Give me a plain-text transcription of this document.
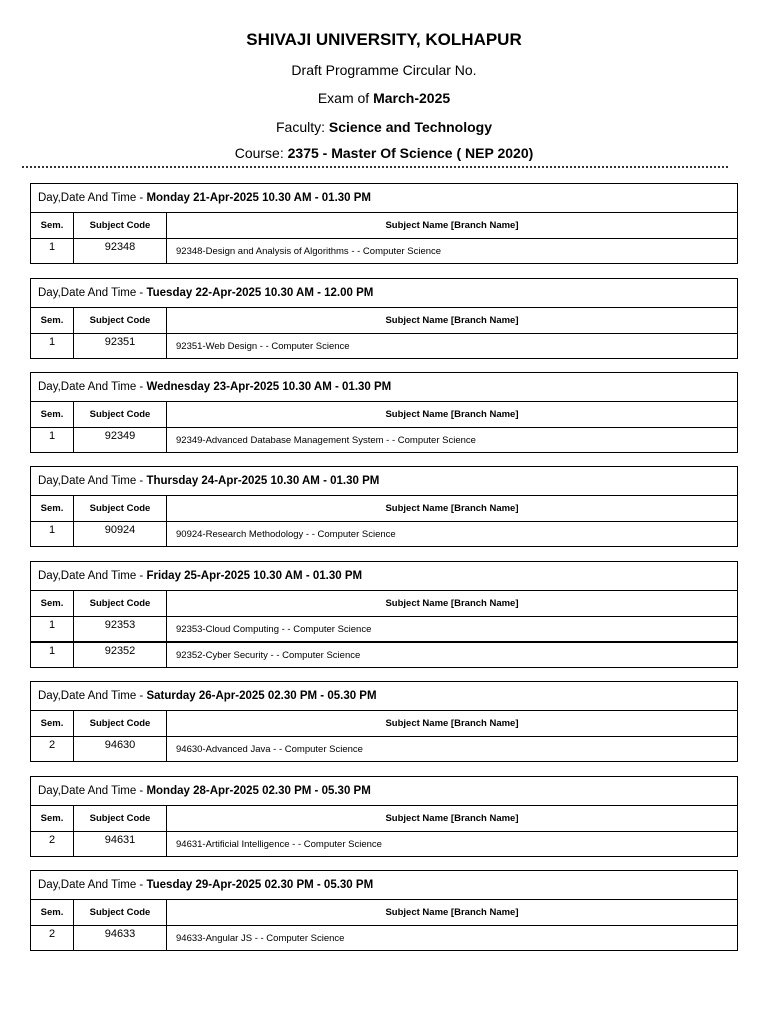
SHIVAJI UNIVERSITY, KOLHAPUR
Draft Programme Circular No.
Exam of March-2025
Faculty: Science and Technology
Course: 2375 - Master Of Science ( NEP 2020)
Day,Date And Time - Monday 21-Apr-2025 10.30 AM - 01.30 PM
Sem.	Subject Code	Subject Name [Branch Name]
1	92348	92348-Design and Analysis of Algorithms - - Computer Science
Day,Date And Time - Tuesday 22-Apr-2025 10.30 AM - 12.00 PM
Sem.	Subject Code	Subject Name [Branch Name]
1	92351	92351-Web Design - - Computer Science
Day,Date And Time - Wednesday 23-Apr-2025 10.30 AM - 01.30 PM
Sem.	Subject Code	Subject Name [Branch Name]
1	92349	92349-Advanced Database Management System - - Computer Science
Day,Date And Time - Thursday 24-Apr-2025 10.30 AM - 01.30 PM
Sem.	Subject Code	Subject Name [Branch Name]
1	90924	90924-Research Methodology - - Computer Science
Day,Date And Time - Friday 25-Apr-2025 10.30 AM - 01.30 PM
Sem.	Subject Code	Subject Name [Branch Name]
1	92353	92353-Cloud Computing - - Computer Science
1	92352	92352-Cyber Security - - Computer Science
Day,Date And Time - Saturday 26-Apr-2025 02.30 PM - 05.30 PM
Sem.	Subject Code	Subject Name [Branch Name]
2	94630	94630-Advanced Java - - Computer Science
Day,Date And Time - Monday 28-Apr-2025 02.30 PM - 05.30 PM
Sem.	Subject Code	Subject Name [Branch Name]
2	94631	94631-Artificial Intelligence - - Computer Science
Day,Date And Time - Tuesday 29-Apr-2025 02.30 PM - 05.30 PM
Sem.	Subject Code	Subject Name [Branch Name]
2	94633	94633-Angular JS - - Computer Science
